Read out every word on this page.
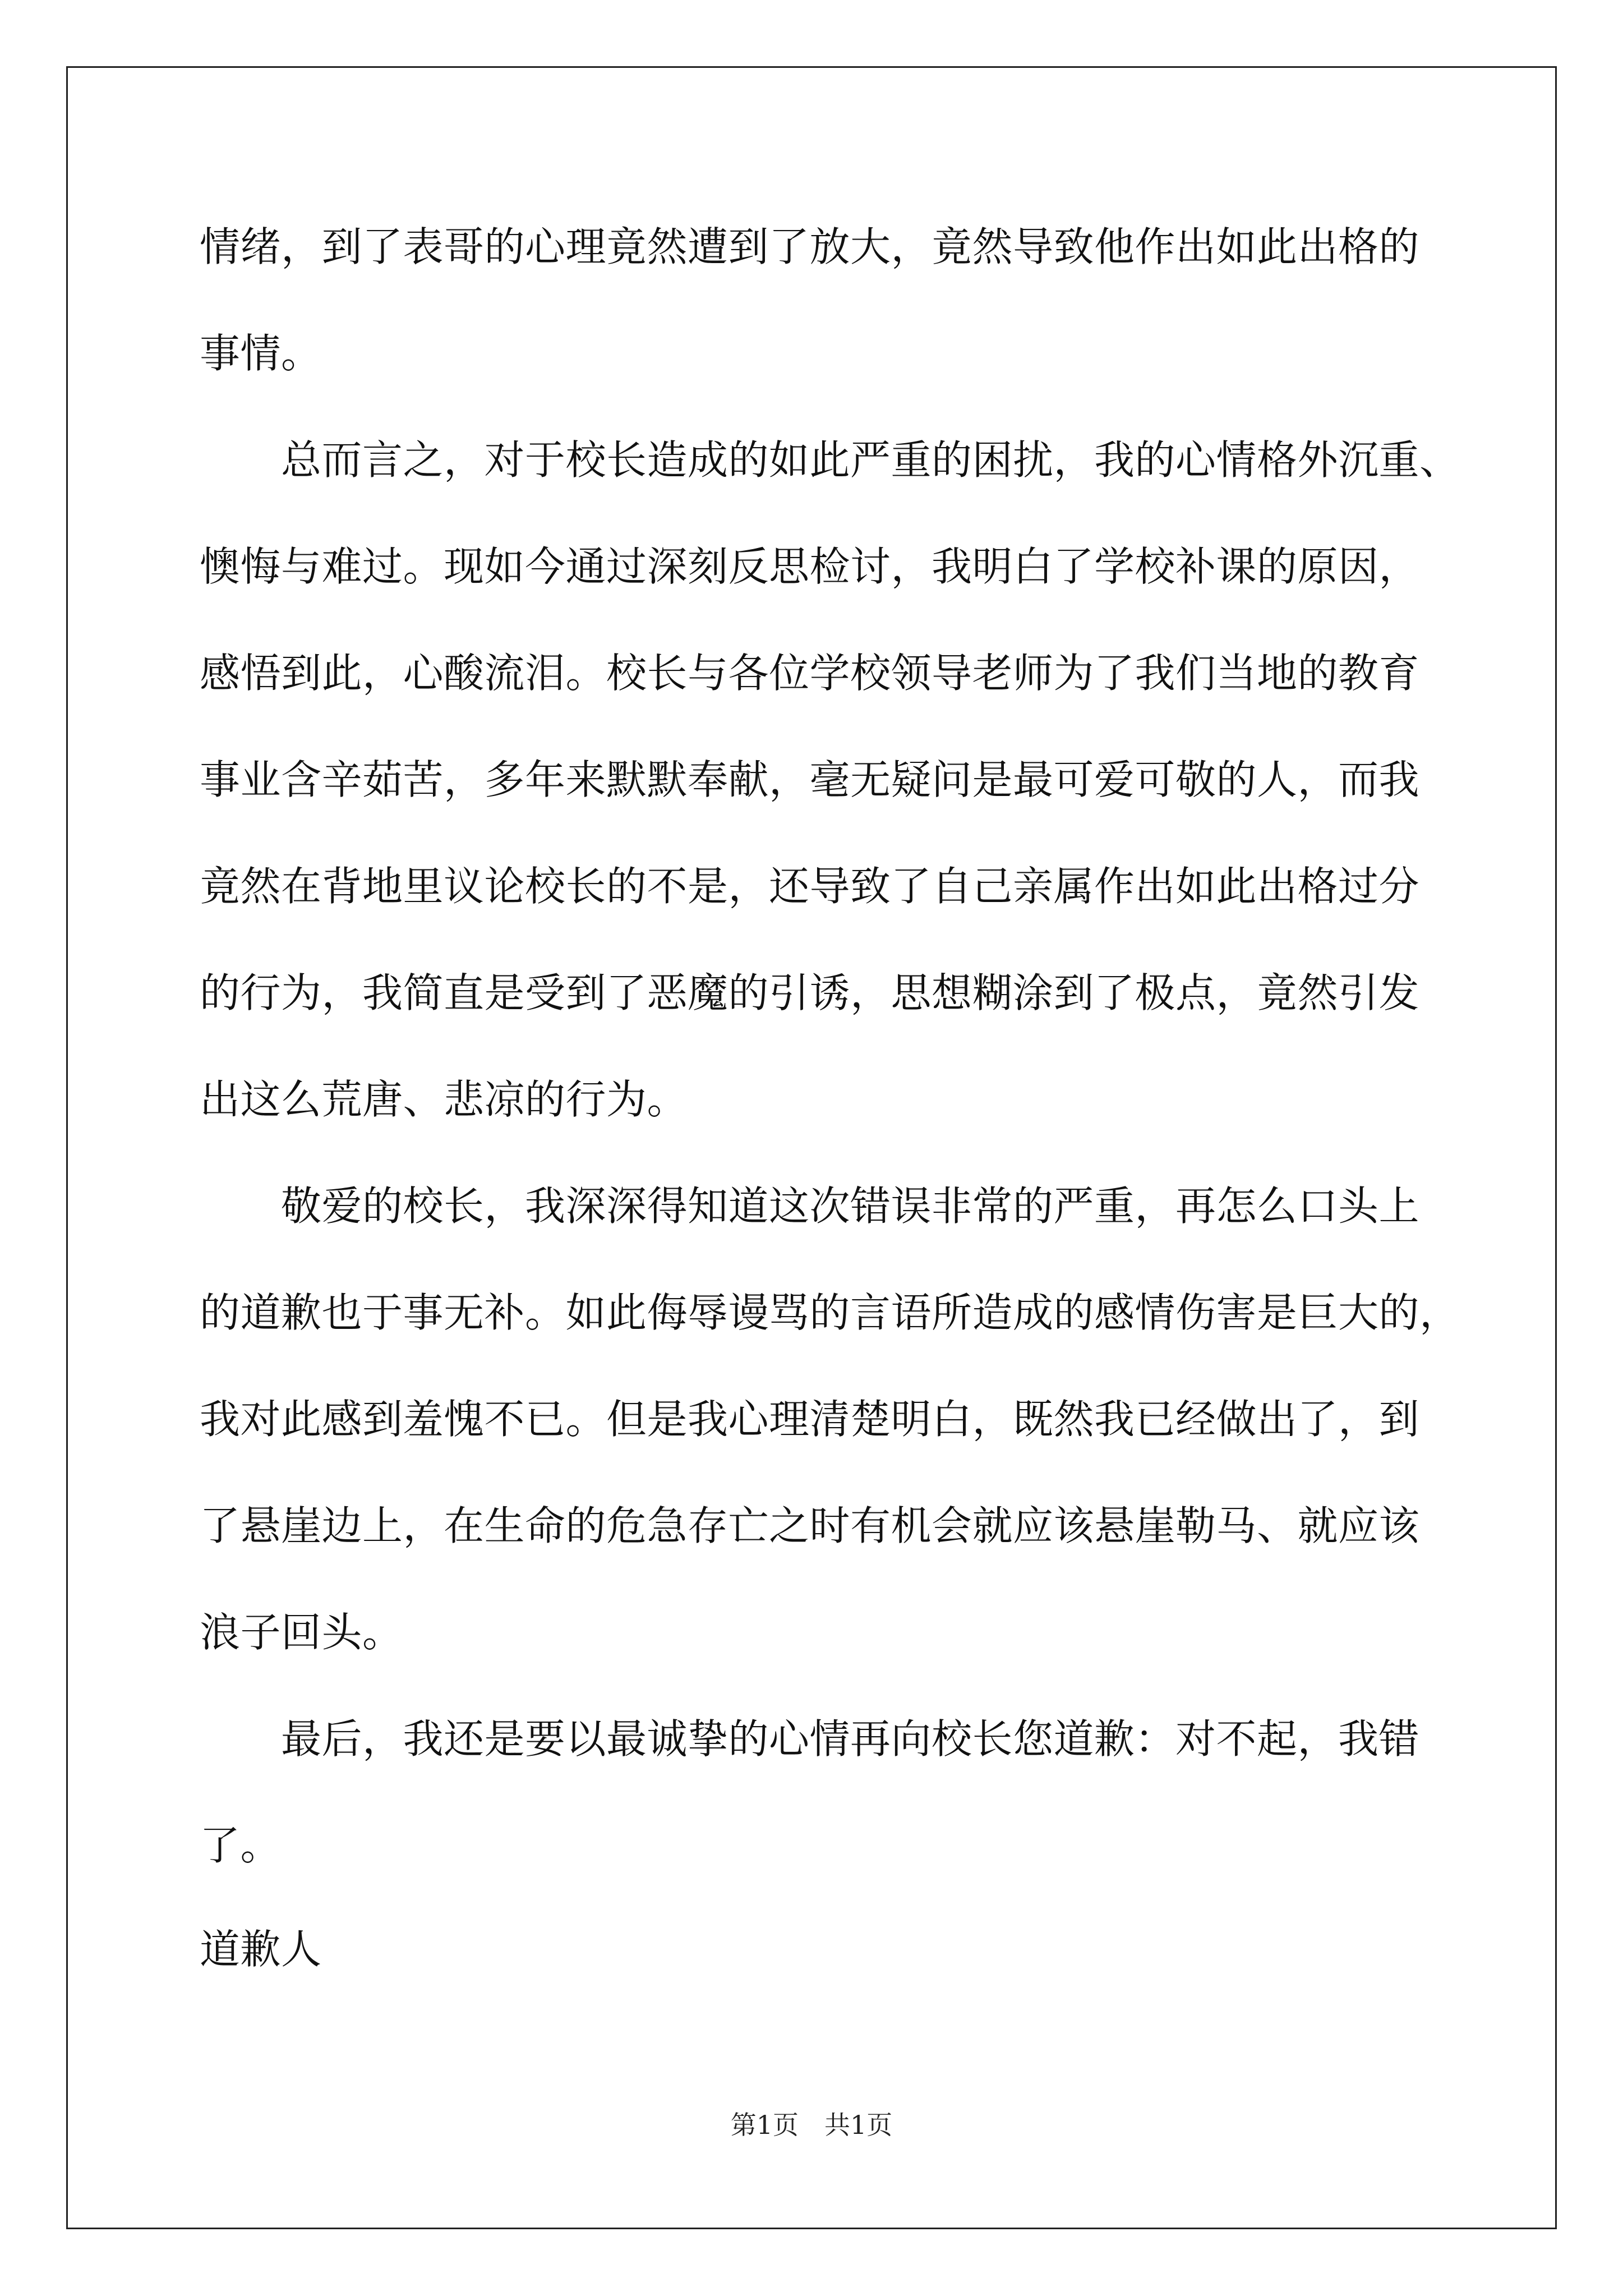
情绪，到了表哥的心理竟然遭到了放大，竟然导致他作出如此出格的
事情。
　　总而言之，对于校长造成的如此严重的困扰，我的心情格外沉重、
懊悔与难过。现如今通过深刻反思检讨，我明白了学校补课的原因，
感悟到此，心酸流泪。校长与各位学校领导老师为了我们当地的教育
事业含辛茹苦，多年来默默奉献，毫无疑问是最可爱可敬的人，而我
竟然在背地里议论校长的不是，还导致了自己亲属作出如此出格过分
的行为，我简直是受到了恶魔的引诱，思想糊涂到了极点，竟然引发
出这么荒唐、悲凉的行为。
　　敬爱的校长，我深深得知道这次错误非常的严重，再怎么口头上
的道歉也于事无补。如此侮辱谩骂的言语所造成的感情伤害是巨大的，
我对此感到羞愧不已。但是我心理清楚明白，既然我已经做出了，到
了悬崖边上，在生命的危急存亡之时有机会就应该悬崖勒马、就应该
浪子回头。
　　最后，我还是要以最诚挚的心情再向校长您道歉：对不起，我错
了。
道歉人
第1页　共1页
